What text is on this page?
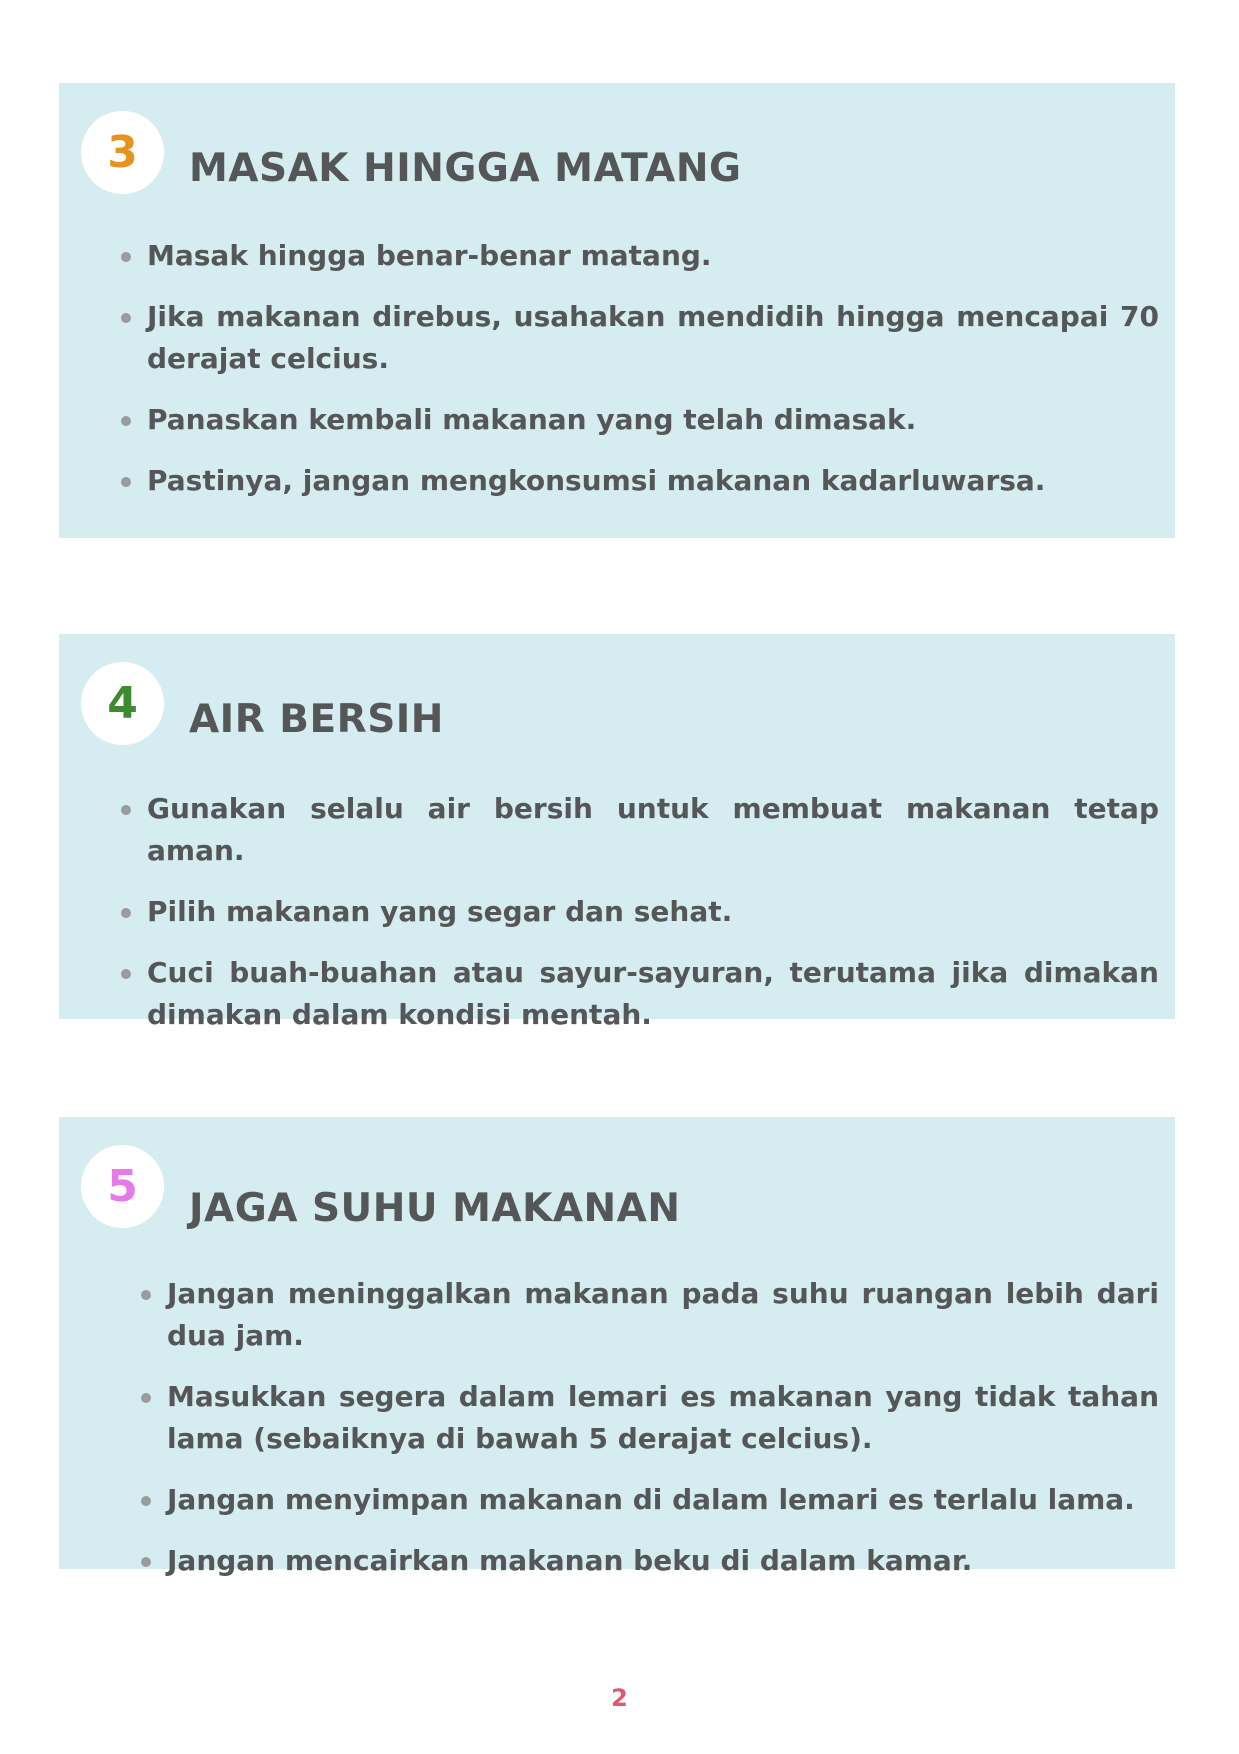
3	MASAK HINGGA MATANG
Masak hingga benar-benar matang.
Jika makanan direbus, usahakan mendidih hingga mencapai 70 derajat celcius.
Panaskan kembali makanan yang telah dimasak.
Pastinya, jangan mengkonsumsi makanan kadarluwarsa.
4	AIR BERSIH
Gunakan selalu air bersih untuk membuat makanan tetap aman.
Pilih makanan yang segar dan sehat.
Cuci buah-buahan atau sayur-sayuran, terutama jika dimakan dimakan dalam kondisi mentah.
5	JAGA SUHU MAKANAN
Jangan meninggalkan makanan pada suhu ruangan lebih dari dua jam.
Masukkan segera dalam lemari es makanan yang tidak tahan lama (sebaiknya di bawah 5 derajat celcius).
Jangan menyimpan makanan di dalam lemari es terlalu lama.
Jangan mencairkan makanan beku di dalam kamar.
2
